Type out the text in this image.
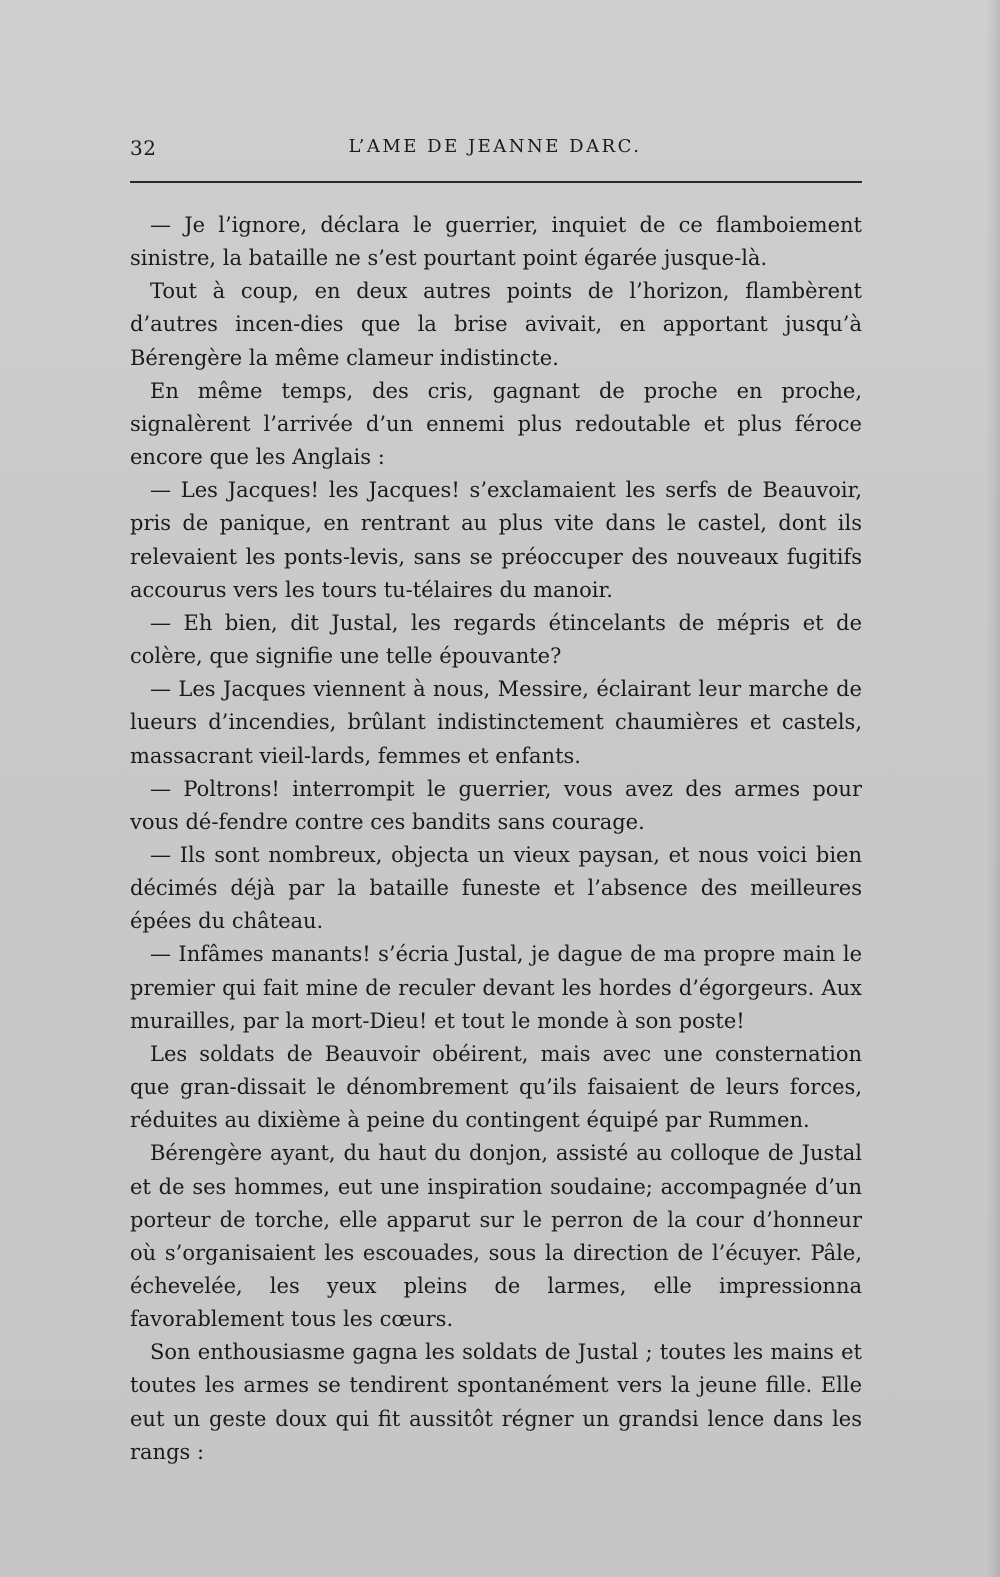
32	L’AME DE JEANNE DARC.

— Je l’ignore, déclara le guerrier, inquiet de ce flamboiement sinistre, la bataille ne s’est pourtant point égarée jusque-là.

Tout à coup, en deux autres points de l’horizon, flambèrent d’autres incen-dies que la brise avivait, en apportant jusqu’à Bérengère la même clameur indistincte.

En même temps, des cris, gagnant de proche en proche, signalèrent l’arrivée d’un ennemi plus redoutable et plus féroce encore que les Anglais :

— Les Jacques! les Jacques! s’exclamaient les serfs de Beauvoir, pris de panique, en rentrant au plus vite dans le castel, dont ils relevaient les ponts-levis, sans se préoccuper des nouveaux fugitifs accourus vers les tours tu-télaires du manoir.

— Eh bien, dit Justal, les regards étincelants de mépris et de colère, que signifie une telle épouvante?

— Les Jacques viennent à nous, Messire, éclairant leur marche de lueurs d’incendies, brûlant indistinctement chaumières et castels, massacrant vieil-lards, femmes et enfants.

— Poltrons! interrompit le guerrier, vous avez des armes pour vous dé-fendre contre ces bandits sans courage.

— Ils sont nombreux, objecta un vieux paysan, et nous voici bien décimés déjà par la bataille funeste et l’absence des meilleures épées du château.

— Infâmes manants! s’écria Justal, je dague de ma propre main le premier qui fait mine de reculer devant les hordes d’égorgeurs. Aux murailles, par la mort-Dieu! et tout le monde à son poste!

Les soldats de Beauvoir obéirent, mais avec une consternation que gran-dissait le dénombrement qu’ils faisaient de leurs forces, réduites au dixième à peine du contingent équipé par Rummen.

Bérengère ayant, du haut du donjon, assisté au colloque de Justal et de ses hommes, eut une inspiration soudaine; accompagnée d’un porteur de torche, elle apparut sur le perron de la cour d’honneur où s’organisaient les escouades, sous la direction de l’écuyer. Pâle, échevelée, les yeux pleins de larmes, elle impressionna favorablement tous les cœurs.

Son enthousiasme gagna les soldats de Justal ; toutes les mains et toutes les armes se tendirent spontanément vers la jeune fille. Elle eut un geste doux qui fit aussitôt régner un grandsi lence dans les rangs :
